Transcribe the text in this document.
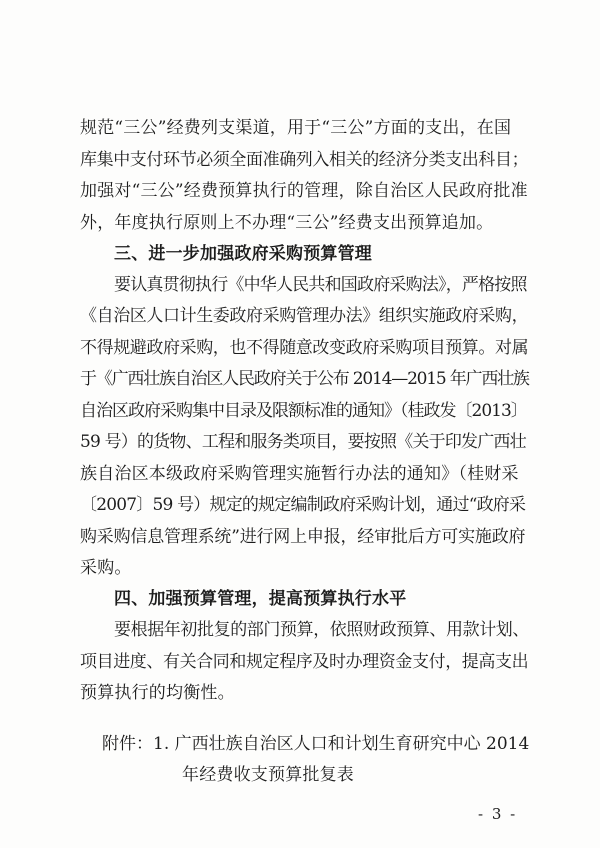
规范“三公”经费列支渠道，用于“三公”方面的支出，在国
库集中支付环节必须全面准确列入相关的经济分类支出科目；
加强对“三公”经费预算执行的管理，除自治区人民政府批准
外，年度执行原则上不办理“三公”经费支出预算追加。
三、进一步加强政府采购预算管理
要认真贯彻执行《中华人民共和国政府采购法》，严格按照
《自治区人口计生委政府采购管理办法》组织实施政府采购，
不得规避政府采购，也不得随意改变政府采购项目预算。对属
于《广西壮族自治区人民政府关于公布 2014—2015 年广西壮族
自治区政府采购集中目录及限额标准的通知》（桂政发〔2013〕
59 号）的货物、工程和服务类项目，要按照《关于印发广西壮
族自治区本级政府采购管理实施暂行办法的通知》（桂财采
〔2007〕59 号）规定的规定编制政府采购计划，通过“政府采
购采购信息管理系统”进行网上申报，经审批后方可实施政府
采购。
四、加强预算管理，提高预算执行水平
要根据年初批复的部门预算，依照财政预算、用款计划、
项目进度、有关合同和规定程序及时办理资金支付，提高支出
预算执行的均衡性。
附件：1. 广西壮族自治区人口和计划生育研究中心 2014
年经费收支预算批复表
- 3 -
